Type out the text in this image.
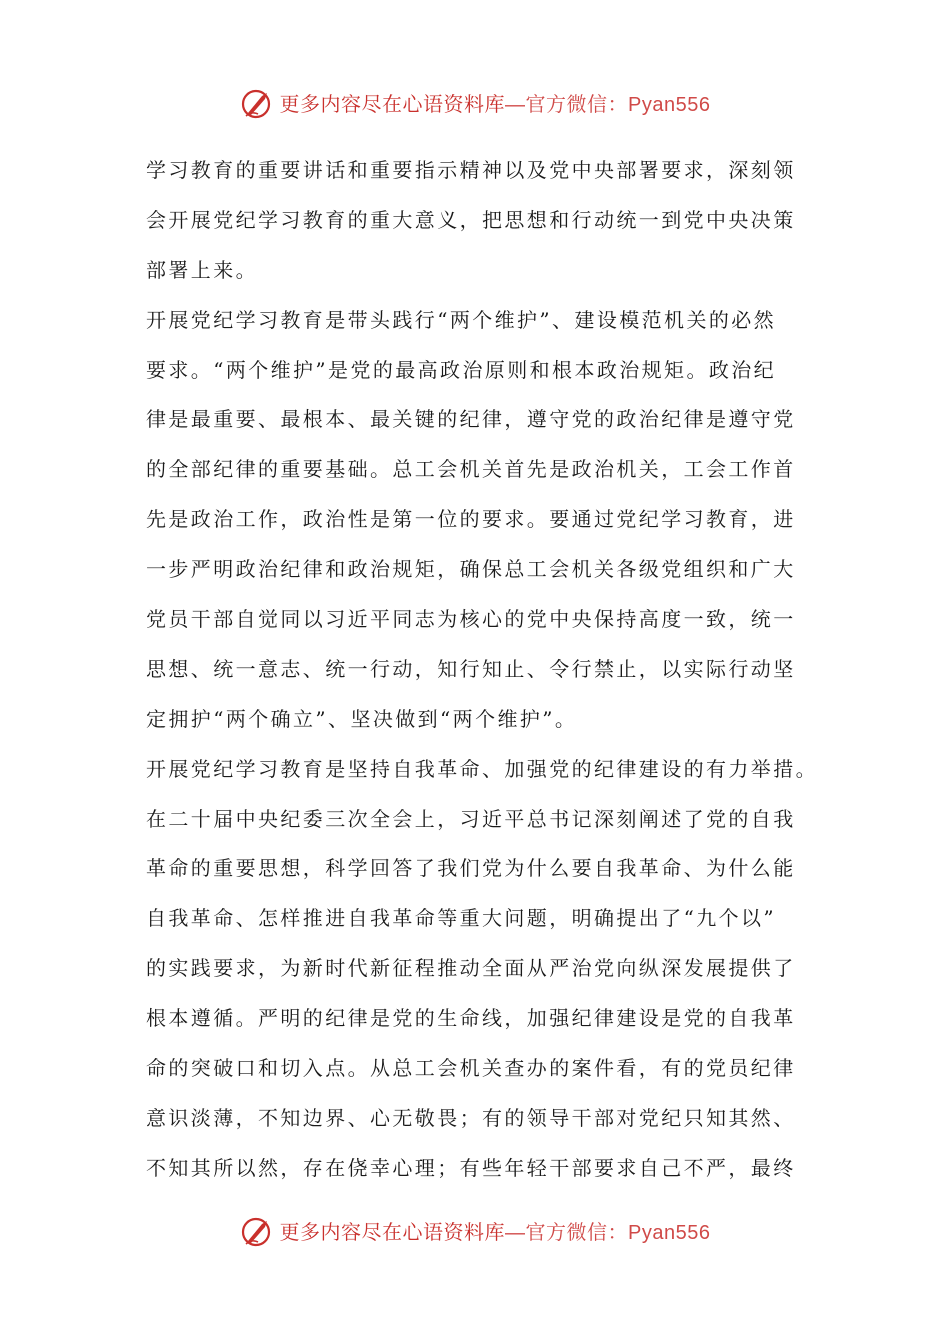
更多内容尽在心语资料库—官方微信：Pyan556
学习教育的重要讲话和重要指示精神以及党中央部署要求，深刻领
会开展党纪学习教育的重大意义，把思想和行动统一到党中央决策
部署上来。
开展党纪学习教育是带头践行“两个维护”、建设模范机关的必然
要求。“两个维护”是党的最高政治原则和根本政治规矩。政治纪
律是最重要、最根本、最关键的纪律，遵守党的政治纪律是遵守党
的全部纪律的重要基础。总工会机关首先是政治机关，工会工作首
先是政治工作，政治性是第一位的要求。要通过党纪学习教育，进
一步严明政治纪律和政治规矩，确保总工会机关各级党组织和广大
党员干部自觉同以习近平同志为核心的党中央保持高度一致，统一
思想、统一意志、统一行动，知行知止、令行禁止，以实际行动坚
定拥护“两个确立”、坚决做到“两个维护”。
开展党纪学习教育是坚持自我革命、加强党的纪律建设的有力举措。
在二十届中央纪委三次全会上，习近平总书记深刻阐述了党的自我
革命的重要思想，科学回答了我们党为什么要自我革命、为什么能
自我革命、怎样推进自我革命等重大问题，明确提出了“九个以”
的实践要求，为新时代新征程推动全面从严治党向纵深发展提供了
根本遵循。严明的纪律是党的生命线，加强纪律建设是党的自我革
命的突破口和切入点。从总工会机关查办的案件看，有的党员纪律
意识淡薄，不知边界、心无敬畏；有的领导干部对党纪只知其然、
不知其所以然，存在侥幸心理；有些年轻干部要求自己不严，最终
更多内容尽在心语资料库—官方微信：Pyan556
